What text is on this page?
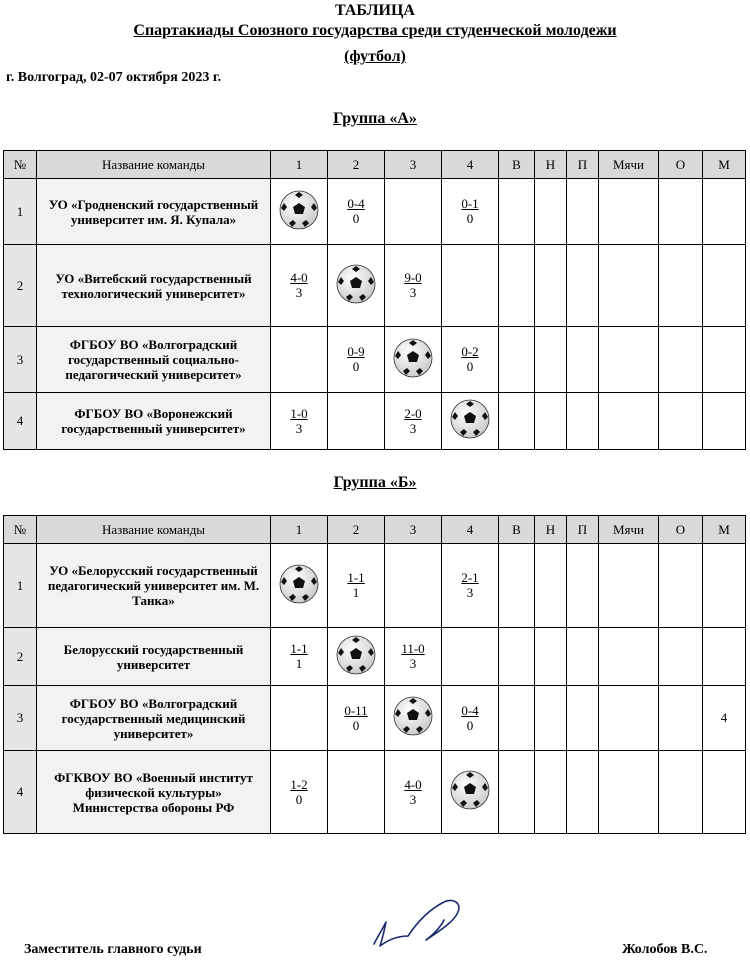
ТАБЛИЦА
Спартакиады Союзного государства среди студенческой молодежи
(футбол)
г. Волгоград, 02-07 октября 2023 г.
Группа «А»
№	Название команды	1	2	3	4	В	Н	П	Мячи	О	М
1	УО «Гродненский государственный университет им. Я. Купала»		$\frac{0-4}{0}$		$\frac{0-1}{0}$

2	УО «Витебский государственный технологический университет»	$\frac{4-0}{3}$		$\frac{9-0}{3}$

3	ФГБОУ ВО «Волгоградский государственный социально-педагогический университет»		$\frac{0-9}{0}$		$\frac{0-2}{0}$

4	ФГБОУ ВО «Воронежский государственный университет»	$\frac{1-0}{3}$		$\frac{2-0}{3}$

Группа «Б»
№	Название команды	1	2	3	4	В	Н	П	Мячи	О	М
1	УО «Белорусский государственный педагогический университет им. М. Танка»		$\frac{1-1}{1}$		$\frac{2-1}{3}$

2	Белорусский государственный университет	$\frac{1-1}{1}$		$\frac{11-0}{3}$

3	ФГБОУ ВО «Волгоградский государственный медицинский университет»		$\frac{0-11}{0}$		$\frac{0-4}{0}$						4
4	ФГКВОУ ВО «Военный институт физической культуры» Министерства обороны РФ	$\frac{1-2}{0}$		$\frac{4-0}{3}$

Заместитель главного судьи	Жолобов В.С.
